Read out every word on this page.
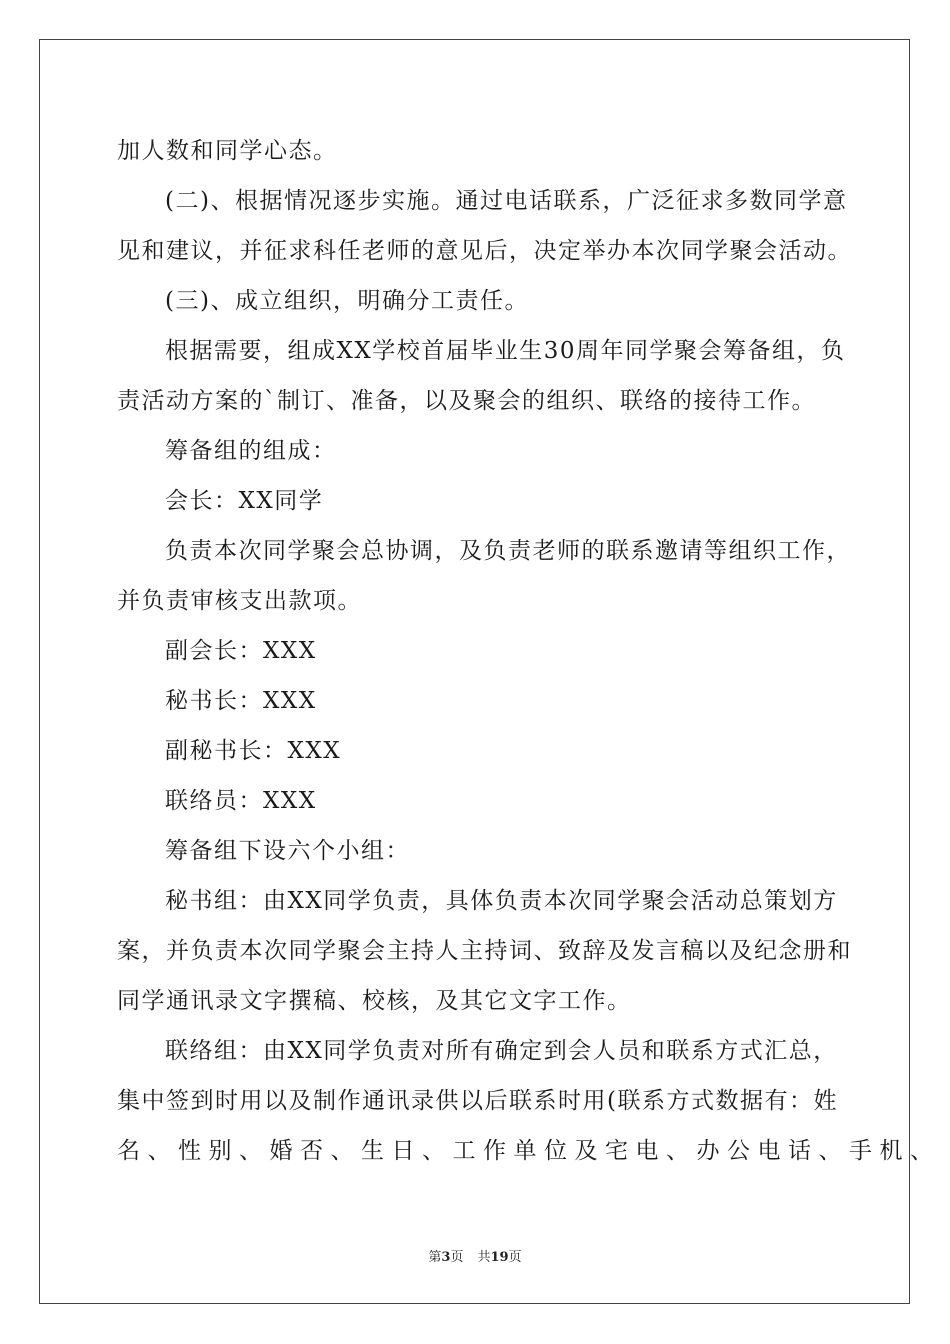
加人数和同学心态。
(二)、根据情况逐步实施。通过电话联系，广泛征求多数同学意
见和建议，并征求科任老师的意见后，决定举办本次同学聚会活动。
(三)、成立组织，明确分工责任。
根据需要，组成XX学校首届毕业生30周年同学聚会筹备组，负
责活动方案的`制订、准备，以及聚会的组织、联络的接待工作。
筹备组的组成：
会长：XX同学
负责本次同学聚会总协调，及负责老师的联系邀请等组织工作，
并负责审核支出款项。
副会长：XXX
秘书长：XXX
副秘书长：XXX
联络员：XXX
筹备组下设六个小组：
秘书组：由XX同学负责，具体负责本次同学聚会活动总策划方
案，并负责本次同学聚会主持人主持词、致辞及发言稿以及纪念册和
同学通讯录文字撰稿、校核，及其它文字工作。
联络组：由XX同学负责对所有确定到会人员和联系方式汇总，
集中签到时用以及制作通讯录供以后联系时用(联系方式数据有：姓
名、性别、婚否、生日、工作单位及宅电、办公电话、手机、
第3页 共19页
